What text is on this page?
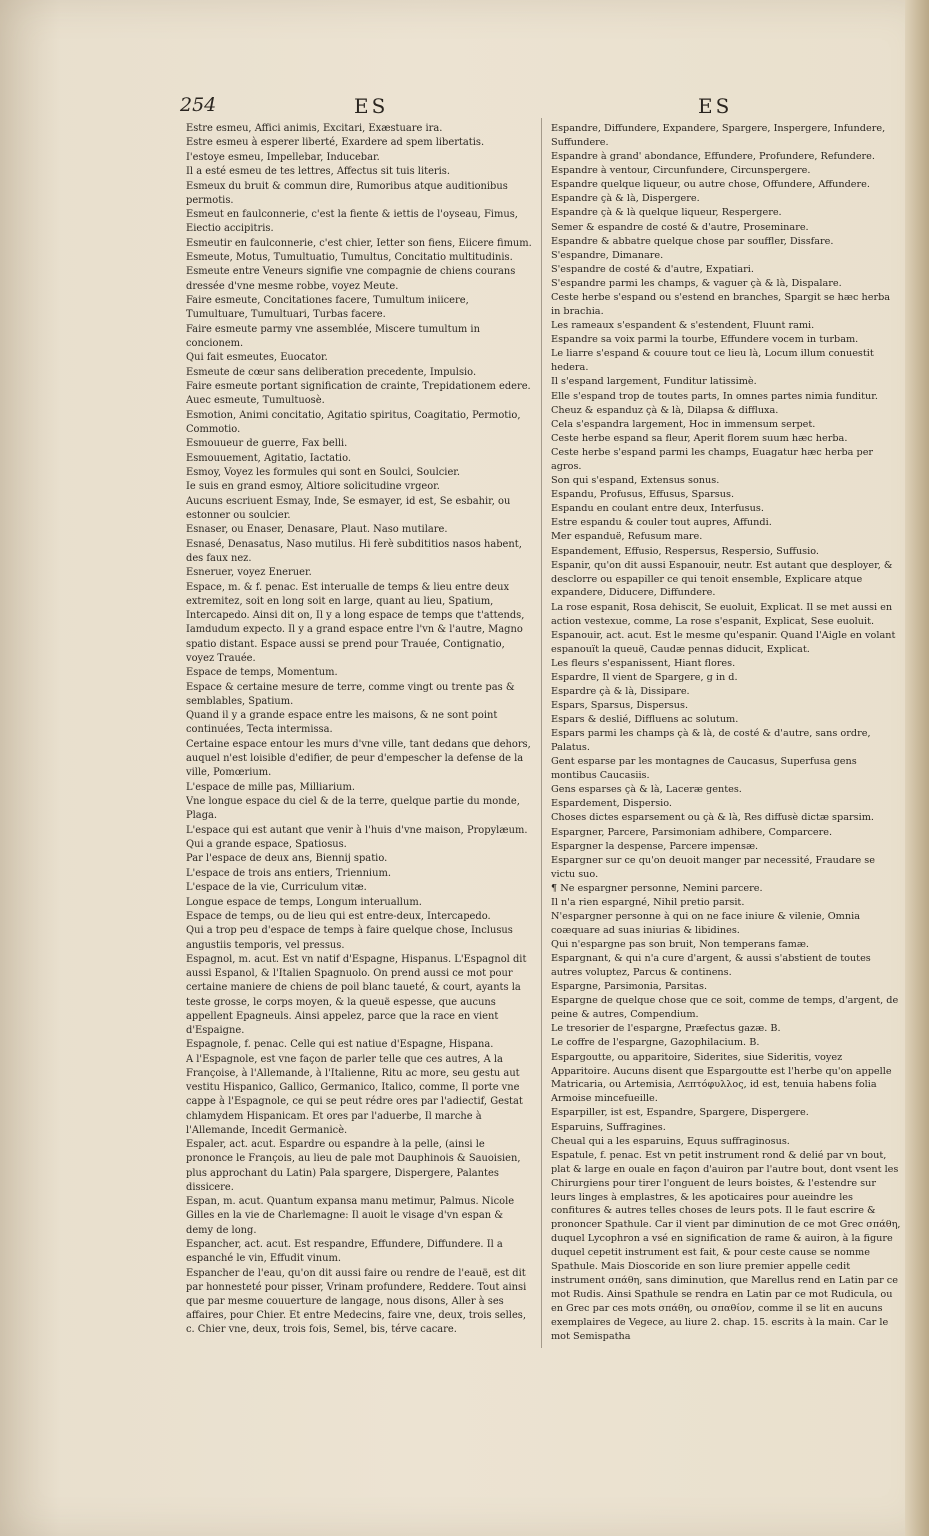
254	ES	ES
Estre esmeu, Affici animis, Excitari, Exæstuare ira.
Estre esmeu à esperer liberté, Exardere ad spem libertatis.
I'estoye esmeu, Impellebar, Inducebar.
Il a esté esmeu de tes lettres, Affectus sit tuis literis.
Esmeux du bruit & commun dire, Rumoribus atque auditionibus permotis.
Esmeut en faulconnerie, c'est la fiente & iettis de l'oyseau, Fimus, Eiectio accipitris.
Esmeutir en faulconnerie, c'est chier, Ietter son fiens, Eiicere fimum.
Esmeute, Motus, Tumultuatio, Tumultus, Concitatio multitudinis. Esmeute entre Veneurs signifie vne compagnie de chiens courans dressée d'vne mesme robbe, voyez Meute.
Faire esmeute, Concitationes facere, Tumultum iniicere, Tumultuare, Tumultuari, Turbas facere.
Faire esmeute parmy vne assemblée, Miscere tumultum in concionem.
Qui fait esmeutes, Euocator.
Esmeute de cœur sans deliberation precedente, Impulsio.
Faire esmeute portant signification de crainte, Trepidationem edere.
Auec esmeute, Tumultuosè.
Esmotion, Animi concitatio, Agitatio spiritus, Coagitatio, Permotio, Commotio.
Esmouueur de guerre, Fax belli.
Esmouuement, Agitatio, Iactatio.
Esmoy, Voyez les formules qui sont en Soulci, Soulcier.
Ie suis en grand esmoy, Altiore solicitudine vrgeor.
Aucuns escriuent Esmay, Inde, Se esmayer, id est, Se esbahir, ou estonner ou soulcier.
Esnaser, ou Enaser, Denasare, Plaut. Naso mutilare.
Esnasé, Denasatus, Naso mutilus. Hi ferè subdititios nasos habent, des faux nez.
Esneruer, voyez Eneruer.
Espace, m. & f. penac. Est interualle de temps & lieu entre deux extremitez, soit en long soit en large, quant au lieu, Spatium, Intercapedo. Ainsi dit on, Il y a long espace de temps que t'attends, Iamdudum expecto. Il y a grand espace entre l'vn & l'autre, Magno spatio distant. Espace aussi se prend pour Trauée, Contignatio, voyez Trauée.
Espace de temps, Momentum.
Espace & certaine mesure de terre, comme vingt ou trente pas & semblables, Spatium.
Quand il y a grande espace entre les maisons, & ne sont point continuées, Tecta intermissa.
Certaine espace entour les murs d'vne ville, tant dedans que dehors, auquel n'est loisible d'edifier, de peur d'empescher la defense de la ville, Pomœrium.
L'espace de mille pas, Milliarium.
Vne longue espace du ciel & de la terre, quelque partie du monde, Plaga.
L'espace qui est autant que venir à l'huis d'vne maison, Propylæum.
Qui a grande espace, Spatiosus.
Par l'espace de deux ans, Biennij spatio.
L'espace de trois ans entiers, Triennium.
L'espace de la vie, Curriculum vitæ.
Longue espace de temps, Longum interuallum.
Espace de temps, ou de lieu qui est entre-deux, Intercapedo.
Qui a trop peu d'espace de temps à faire quelque chose, Inclusus angustiis temporis, vel pressus.
Espagnol, m. acut. Est vn natif d'Espagne, Hispanus. L'Espagnol dit aussi Espanol, & l'Italien Spagnuolo. On prend aussi ce mot pour certaine maniere de chiens de poil blanc taueté, & court, ayants la teste grosse, le corps moyen, & la queuë espesse, que aucuns appellent Epagneuls. Ainsi appelez, parce que la race en vient d'Espaigne.
Espagnole, f. penac. Celle qui est natiue d'Espagne, Hispana.
A l'Espagnole, est vne façon de parler telle que ces autres, A la Françoise, à l'Allemande, à l'Italienne, Ritu ac more, seu gestu aut vestitu Hispanico, Gallico, Germanico, Italico, comme, Il porte vne cappe à l'Espagnole, ce qui se peut rédre ores par l'adiectif, Gestat chlamydem Hispanicam. Et ores par l'aduerbe, Il marche à l'Allemande, Incedit Germanicè.
Espaler, act. acut. Espardre ou espandre à la pelle, (ainsi le prononce le François, au lieu de pale mot Dauphinois & Sauoisien, plus approchant du Latin) Pala spargere, Dispergere, Palantes dissicere.
Espan, m. acut. Quantum expansa manu metimur, Palmus. Nicole Gilles en la vie de Charlemagne: Il auoit le visage d'vn espan & demy de long.
Espancher, act. acut. Est respandre, Effundere, Diffundere. Il a espanché le vin, Effudit vinum.
Espancher de l'eau, qu'on dit aussi faire ou rendre de l'eauë, est dit par honnesteté pour pisser, Vrinam profundere, Reddere. Tout ainsi que par mesme couuerture de langage, nous disons, Aller à ses affaires, pour Chier. Et entre Medecins, faire vne, deux, trois selles, c. Chier vne, deux, trois fois, Semel, bis, térve cacare.
Espandre, Diffundere, Expandere, Spargere, Inspergere, Infundere, Suffundere.
Espandre à grand' abondance, Effundere, Profundere, Refundere.
Espandre à ventour, Circunfundere, Circunspergere.
Espandre quelque liqueur, ou autre chose, Offundere, Affundere.
Espandre çà & là, Dispergere.
Espandre çà & là quelque liqueur, Respergere.
Semer & espandre de costé & d'autre, Proseminare.
Espandre & abbatre quelque chose par souffler, Dissfare.
S'espandre, Dimanare.
S'espandre de costé & d'autre, Expatiari.
S'espandre parmi les champs, & vaguer çà & là, Dispalare.
Ceste herbe s'espand ou s'estend en branches, Spargit se hæc herba in brachia.
Les rameaux s'espandent & s'estendent, Fluunt rami.
Espandre sa voix parmi la tourbe, Effundere vocem in turbam.
Le liarre s'espand & couure tout ce lieu là, Locum illum conuestit hedera.
Il s'espand largement, Funditur latissimè.
Elle s'espand trop de toutes parts, In omnes partes nimia funditur.
Cheuz & espanduz çà & là, Dilapsa & diffluxa.
Cela s'espandra largement, Hoc in immensum serpet.
Ceste herbe espand sa fleur, Aperit florem suum hæc herba.
Ceste herbe s'espand parmi les champs, Euagatur hæc herba per agros.
Son qui s'espand, Extensus sonus.
Espandu, Profusus, Effusus, Sparsus.
Espandu en coulant entre deux, Interfusus.
Estre espandu & couler tout aupres, Affundi.
Mer espanduë, Refusum mare.
Espandement, Effusio, Respersus, Respersio, Suffusio.
Espanir, qu'on dit aussi Espanouir, neutr. Est autant que desployer, & desclorre ou espapiller ce qui tenoit ensemble, Explicare atque expandere, Diducere, Diffundere.
La rose espanit, Rosa dehiscit, Se euoluit, Explicat. Il se met aussi en action vestexue, comme, La rose s'espanit, Explicat, Sese euoluit.
Espanouir, act. acut. Est le mesme qu'espanir. Quand l'Aigle en volant espanouït la queuë, Caudæ pennas diducit, Explicat.
Les fleurs s'espanissent, Hiant flores.
Espardre, Il vient de Spargere, g in d.
Espardre çà & là, Dissipare.
Espars, Sparsus, Dispersus.
Espars & deslié, Diffluens ac solutum.
Espars parmi les champs çà & là, de costé & d'autre, sans ordre, Palatus.
Gent esparse par les montagnes de Caucasus, Superfusa gens montibus Caucasiis.
Gens esparses çà & là, Laceræ gentes.
Espardement, Dispersio.
Choses dictes esparsement ou çà & là, Res diffusè dictæ sparsim.
Espargner, Parcere, Parsimoniam adhibere, Comparcere.
Espargner la despense, Parcere impensæ.
Espargner sur ce qu'on deuoit manger par necessité, Fraudare se victu suo.
¶ Ne espargner personne, Nemini parcere.
Il n'a rien espargné, Nihil pretio parsit.
N'espargner personne à qui on ne face iniure & vilenie, Omnia coæquare ad suas iniurias & libidines.
Qui n'espargne pas son bruit, Non temperans famæ.
Espargnant, & qui n'a cure d'argent, & aussi s'abstient de toutes autres voluptez, Parcus & continens.
Espargne, Parsimonia, Parsitas.
Espargne de quelque chose que ce soit, comme de temps, d'argent, de peine & autres, Compendium.
Le tresorier de l'espargne, Præfectus gazæ. B.
Le coffre de l'espargne, Gazophilacium. B.
Espargoutte, ou apparitoire, Siderites, siue Sideritis, voyez Apparitoire. Aucuns disent que Espargoutte est l'herbe qu'on appelle Matricaria, ou Artemisia, Λεπτόφυλλος, id est, tenuia habens folia Armoise mincefueille.
Esparpiller, ist est, Espandre, Spargere, Dispergere.
Esparuins, Suffragines.
Cheual qui a les esparuins, Equus suffraginosus.
Espatule, f. penac. Est vn petit instrument rond & delié par vn bout, plat & large en ouale en façon d'auiron par l'autre bout, dont vsent les Chirurgiens pour tirer l'onguent de leurs boistes, & l'estendre sur leurs linges à emplastres, & les apoticaires pour aueindre les confitures & autres telles choses de leurs pots. Il le faut escrire & prononcer Spathule. Car il vient par diminution de ce mot Grec σπάθη, duquel Lycophron a vsé en signification de rame & auiron, à la figure duquel cepetit instrument est fait, & pour ceste cause se nomme Spathule. Mais Dioscoride en son liure premier appelle cedit instrument σπάθη, sans diminution, que Marellus rend en Latin par ce mot Rudis. Ainsi Spathule se rendra en Latin par ce mot Rudicula, ou en Grec par ces mots σπάθη, ou σπαθίον, comme il se lit en aucuns exemplaires de Vegece, au liure 2. chap. 15. escrits à la main. Car le mot Semispatha
